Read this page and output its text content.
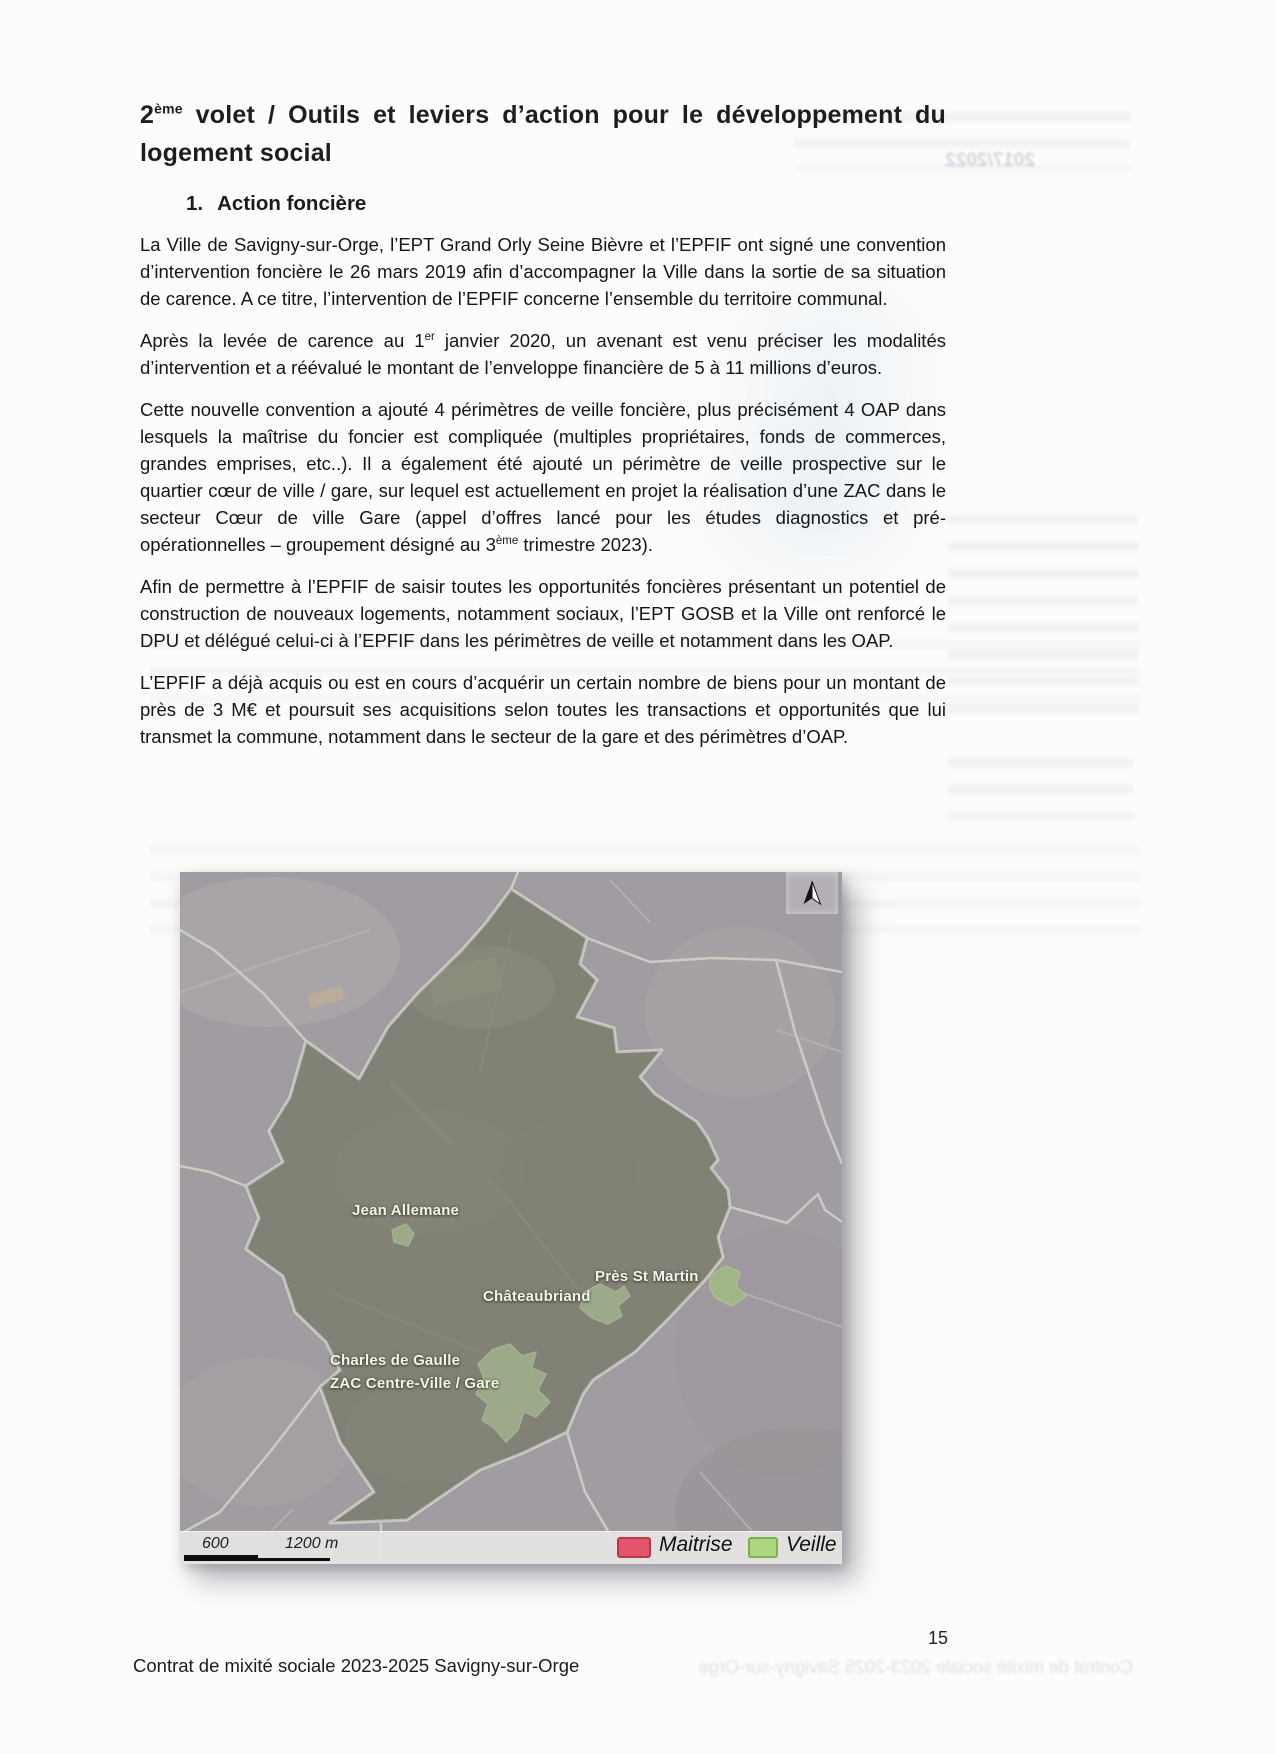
2017/2022
2ème volet / Outils et leviers d’action pour le développement du logement social
1. Action foncière

La Ville de Savigny-sur-Orge, l’EPT Grand Orly Seine Bièvre et l’EPFIF ont signé une convention d’intervention foncière le 26 mars 2019 afin d’accompagner la Ville dans la sortie de sa situation de carence. A ce titre, l’intervention de l’EPFIF concerne l’ensemble du territoire communal.

Après la levée de carence au 1er janvier 2020, un avenant est venu préciser les modalités d’intervention et a réévalué le montant de l’enveloppe financière de 5 à 11 millions d’euros.

Cette nouvelle convention a ajouté 4 périmètres de veille foncière, plus précisément 4 OAP dans lesquels la maîtrise du foncier est compliquée (multiples propriétaires, fonds de commerces, grandes emprises, etc..). Il a également été ajouté un périmètre de veille prospective sur le quartier cœur de ville / gare, sur lequel est actuellement en projet la réalisation d’une ZAC dans le secteur Cœur de ville Gare (appel d’offres lancé pour les études diagnostics et pré-opérationnelles – groupement désigné au 3ème trimestre 2023).

Afin de permettre à l’EPFIF de saisir toutes les opportunités foncières présentant un potentiel de construction de nouveaux logements, notamment sociaux, l’EPT GOSB et la Ville ont renforcé le DPU et délégué celui-ci à l’EPFIF dans les périmètres de veille et notamment dans les OAP.

L’EPFIF a déjà acquis ou est en cours d’acquérir un certain nombre de biens pour un montant de près de 3 M€ et poursuit ses acquisitions selon toutes les transactions et opportunités que lui transmet la commune, notamment dans le secteur de la gare et des périmètres d’OAP.

Jean Allemane
Châteaubriand
Près St Martin
Charles de Gaulle
ZAC Centre-Ville / Gare
600	1200 m	Maitrise	Veille
15
Contrat de mixité sociale 2023-2025 Savigny-sur-Orge	Contrat de mixité sociale 2023-2025 Savigny-sur-Orge
